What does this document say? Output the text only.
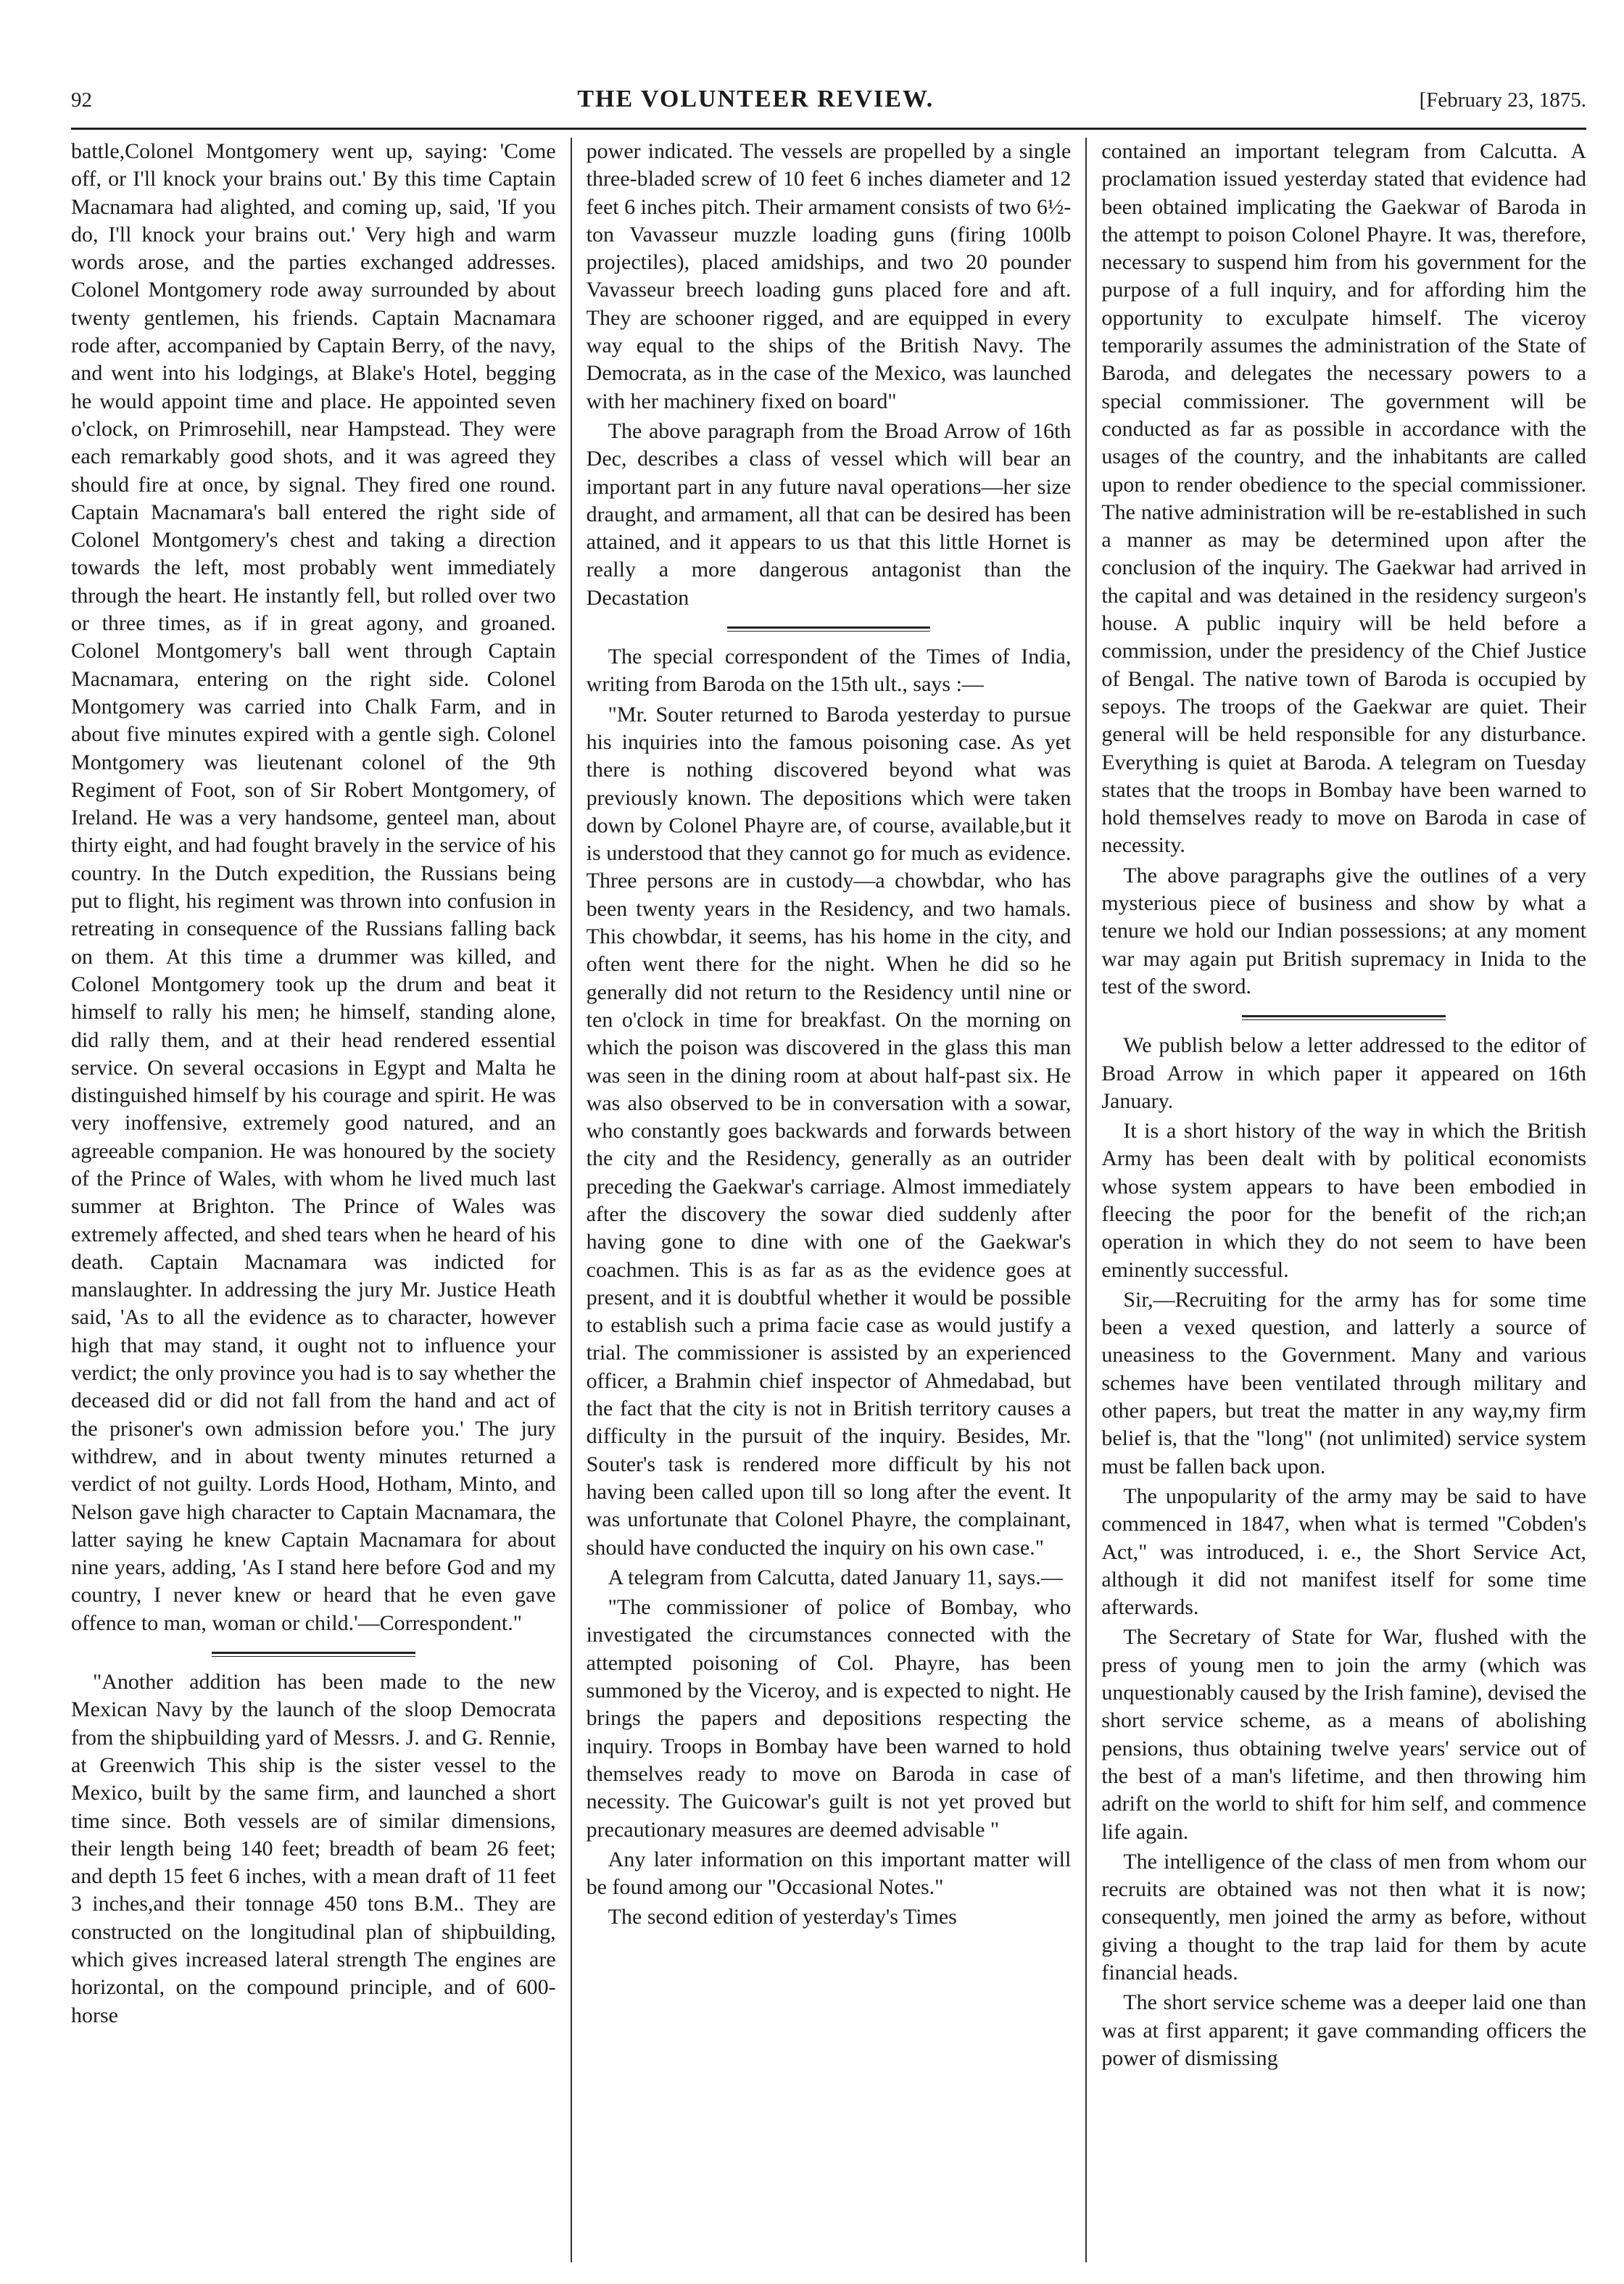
92	THE VOLUNTEER REVIEW.	[February 23, 1875.

battle,Colonel Montgomery went up, saying: 'Come off, or I'll knock your brains out.' By this time Captain Macnamara had alighted, and coming up, said, 'If you do, I'll knock your brains out.' Very high and warm words arose, and the parties exchanged addresses. Colonel Montgomery rode away surrounded by about twenty gentlemen, his friends. Captain Macnamara rode after, accompanied by Captain Berry, of the navy, and went into his lodgings, at Blake's Hotel, begging he would appoint time and place. He appointed seven o'clock, on Primrosehill, near Hampstead. They were each remarkably good shots, and it was agreed they should fire at once, by signal. They fired one round. Captain Macnamara's ball entered the right side of Colonel Montgomery's chest and taking a direction towards the left, most probably went immediately through the heart. He instantly fell, but rolled over two or three times, as if in great agony, and groaned. Colonel Montgomery's ball went through Captain Macnamara, entering on the right side. Colonel Montgomery was carried into Chalk Farm, and in about five minutes expired with a gentle sigh. Colonel Montgomery was lieutenant colonel of the 9th Regiment of Foot, son of Sir Robert Montgomery, of Ireland. He was a very handsome, genteel man, about thirty eight, and had fought bravely in the service of his country. In the Dutch expedition, the Russians being put to flight, his regiment was thrown into confusion in retreating in consequence of the Russians falling back on them. At this time a drummer was killed, and Colonel Montgomery took up the drum and beat it himself to rally his men; he himself, standing alone, did rally them, and at their head rendered essential service. On several occasions in Egypt and Malta he distinguished himself by his courage and spirit. He was very inoffensive, extremely good natured, and an agreeable companion. He was honoured by the society of the Prince of Wales, with whom he lived much last summer at Brighton. The Prince of Wales was extremely affected, and shed tears when he heard of his death. Captain Macnamara was indicted for manslaughter. In addressing the jury Mr. Justice Heath said, 'As to all the evidence as to character, however high that may stand, it ought not to influence your verdict; the only province you had is to say whether the deceased did or did not fall from the hand and act of the prisoner's own admission before you.' The jury withdrew, and in about twenty minutes returned a verdict of not guilty. Lords Hood, Hotham, Minto, and Nelson gave high character to Captain Macnamara, the latter saying he knew Captain Macnamara for about nine years, adding, 'As I stand here before God and my country, I never knew or heard that he even gave offence to man, woman or child.'—Correspondent."

"Another addition has been made to the new Mexican Navy by the launch of the sloop Democrata from the shipbuilding yard of Messrs. J. and G. Rennie, at Greenwich This ship is the sister vessel to the Mexico, built by the same firm, and launched a short time since. Both vessels are of similar dimensions, their length being 140 feet; breadth of beam 26 feet; and depth 15 feet 6 inches, with a mean draft of 11 feet 3 inches,and their tonnage 450 tons B.M.. They are constructed on the longitudinal plan of shipbuilding, which gives increased lateral strength The engines are horizontal, on the compound principle, and of 600-horse

power indicated. The vessels are propelled by a single three-bladed screw of 10 feet 6 inches diameter and 12 feet 6 inches pitch. Their armament consists of two 6½-ton Vavasseur muzzle loading guns (firing 100lb projectiles), placed amidships, and two 20 pounder Vavasseur breech loading guns placed fore and aft. They are schooner rigged, and are equipped in every way equal to the ships of the British Navy. The Democrata, as in the case of the Mexico, was launched with her machinery fixed on board"

The above paragraph from the Broad Arrow of 16th Dec, describes a class of vessel which will bear an important part in any future naval operations—her size draught, and armament, all that can be desired has been attained, and it appears to us that this little Hornet is really a more dangerous antagonist than the Decastation

The special correspondent of the Times of India, writing from Baroda on the 15th ult., says :—

"Mr. Souter returned to Baroda yesterday to pursue his inquiries into the famous poisoning case. As yet there is nothing discovered beyond what was previously known. The depositions which were taken down by Colonel Phayre are, of course, available,but it is understood that they cannot go for much as evidence. Three persons are in custody—a chowbdar, who has been twenty years in the Residency, and two hamals. This chowbdar, it seems, has his home in the city, and often went there for the night. When he did so he generally did not return to the Residency until nine or ten o'clock in time for breakfast. On the morning on which the poison was discovered in the glass this man was seen in the dining room at about half-past six. He was also observed to be in conversation with a sowar, who constantly goes backwards and forwards between the city and the Residency, generally as an outrider preceding the Gaekwar's carriage. Almost immediately after the discovery the sowar died suddenly after having gone to dine with one of the Gaekwar's coachmen. This is as far as as the evidence goes at present, and it is doubtful whether it would be possible to establish such a prima facie case as would justify a trial. The commissioner is assisted by an experienced officer, a Brahmin chief inspector of Ahmedabad, but the fact that the city is not in British territory causes a difficulty in the pursuit of the inquiry. Besides, Mr. Souter's task is rendered more difficult by his not having been called upon till so long after the event. It was unfortunate that Colonel Phayre, the complainant, should have conducted the inquiry on his own case."

A telegram from Calcutta, dated January 11, says.—

"The commissioner of police of Bombay, who investigated the circumstances connected with the attempted poisoning of Col. Phayre, has been summoned by the Viceroy, and is expected to night. He brings the papers and depositions respecting the inquiry. Troops in Bombay have been warned to hold themselves ready to move on Baroda in case of necessity. The Guicowar's guilt is not yet proved but precautionary measures are deemed advisable "

Any later information on this important matter will be found among our "Occasional Notes."

The second edition of yesterday's Times

contained an important telegram from Calcutta. A proclamation issued yesterday stated that evidence had been obtained implicating the Gaekwar of Baroda in the attempt to poison Colonel Phayre. It was, therefore, necessary to suspend him from his government for the purpose of a full inquiry, and for affording him the opportunity to exculpate himself. The viceroy temporarily assumes the administration of the State of Baroda, and delegates the necessary powers to a special commissioner. The government will be conducted as far as possible in accordance with the usages of the country, and the inhabitants are called upon to render obedience to the special commissioner. The native administration will be re-established in such a manner as may be determined upon after the conclusion of the inquiry. The Gaekwar had arrived in the capital and was detained in the residency surgeon's house. A public inquiry will be held before a commission, under the presidency of the Chief Justice of Bengal. The native town of Baroda is occupied by sepoys. The troops of the Gaekwar are quiet. Their general will be held responsible for any disturbance. Everything is quiet at Baroda. A telegram on Tuesday states that the troops in Bombay have been warned to hold themselves ready to move on Baroda in case of necessity.

The above paragraphs give the outlines of a very mysterious piece of business and show by what a tenure we hold our Indian possessions; at any moment war may again put British supremacy in Inida to the test of the sword.

We publish below a letter addressed to the editor of Broad Arrow in which paper it appeared on 16th January.

It is a short history of the way in which the British Army has been dealt with by political economists whose system appears to have been embodied in fleecing the poor for the benefit of the rich;an operation in which they do not seem to have been eminently successful.

Sir,—Recruiting for the army has for some time been a vexed question, and latterly a source of uneasiness to the Government. Many and various schemes have been ventilated through military and other papers, but treat the matter in any way,my firm belief is, that the "long" (not unlimited) service system must be fallen back upon.

The unpopularity of the army may be said to have commenced in 1847, when what is termed "Cobden's Act," was introduced, i. e., the Short Service Act, although it did not manifest itself for some time afterwards.

The Secretary of State for War, flushed with the press of young men to join the army (which was unquestionably caused by the Irish famine), devised the short service scheme, as a means of abolishing pensions, thus obtaining twelve years' service out of the best of a man's lifetime, and then throwing him adrift on the world to shift for him self, and commence life again.

The intelligence of the class of men from whom our recruits are obtained was not then what it is now; consequently, men joined the army as before, without giving a thought to the trap laid for them by acute financial heads.

The short service scheme was a deeper laid one than was at first apparent; it gave commanding officers the power of dismissing
